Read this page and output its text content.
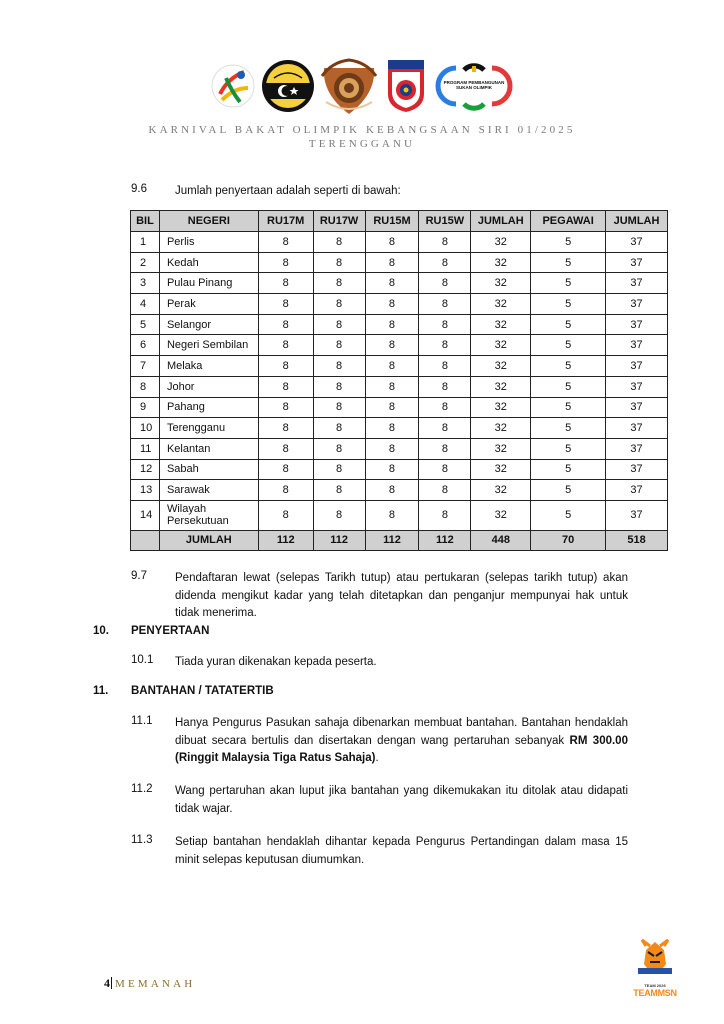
PROGRAM PEMBANGUNAN SUKAN OLIMPIK
KARNIVAL BAKAT OLIMPIK KEBANGSAAN SIRI 01/2025
TERENGGANU
9.6 Jumlah penyertaan adalah seperti di bawah:
BIL	NEGERI	RU17M	RU17W	RU15M	RU15W	JUMLAH	PEGAWAI	JUMLAH
1	Perlis	8	8	8	8	32	5	37
2	Kedah	8	8	8	8	32	5	37
3	Pulau Pinang	8	8	8	8	32	5	37
4	Perak	8	8	8	8	32	5	37
5	Selangor	8	8	8	8	32	5	37
6	Negeri Sembilan	8	8	8	8	32	5	37
7	Melaka	8	8	8	8	32	5	37
8	Johor	8	8	8	8	32	5	37
9	Pahang	8	8	8	8	32	5	37
10	Terengganu	8	8	8	8	32	5	37
11	Kelantan	8	8	8	8	32	5	37
12	Sabah	8	8	8	8	32	5	37
13	Sarawak	8	8	8	8	32	5	37
14	Wilayah Persekutuan	8	8	8	8	32	5	37
	JUMLAH	112	112	112	112	448	70	518
9.7 Pendaftaran lewat (selepas Tarikh tutup) atau pertukaran (selepas tarikh tutup) akan didenda mengikut kadar yang telah ditetapkan dan penganjur mempunyai hak untuk tidak menerima.
10. PENYERTAAN
10.1 Tiada yuran dikenakan kepada peserta.
11. BANTAHAN / TATATERTIB
11.1 Hanya Pengurus Pasukan sahaja dibenarkan membuat bantahan. Bantahan hendaklah dibuat secara bertulis dan disertakan dengan wang pertaruhan sebanyak RM 300.00 (Ringgit Malaysia Tiga Ratus Sahaja).
11.2 Wang pertaruhan akan luput jika bantahan yang dikemukakan itu ditolak atau didapati tidak wajar.
11.3 Setiap bantahan hendaklah dihantar kepada Pengurus Pertandingan dalam masa 15 minit selepas keputusan diumumkan.
4 MEMANAH	TEAM 2026
TEAMMSN
